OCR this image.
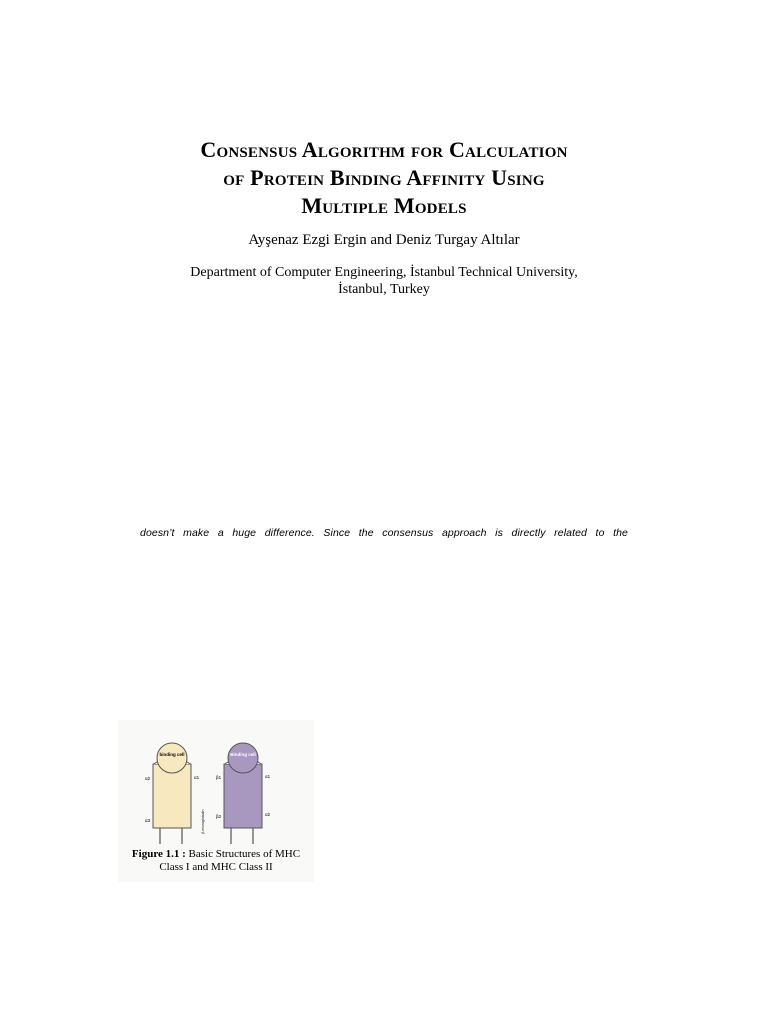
Consensus Algorithm for Calculation
of Protein Binding Affinity Using
Multiple Models
Ayşenaz Ezgi Ergin and Deniz Turgay Altılar
Department of Computer Engineering, İstanbul Technical University,
İstanbul, Turkey
doesn’t make a huge difference. Since the consensus approach is directly related to the
binding cell
α2	α1
α3	β-microglobulin
Binding cell
β1	α1
β2	α2
Figure 1.1 : Basic Structures of MHC
Class I and MHC Class II
